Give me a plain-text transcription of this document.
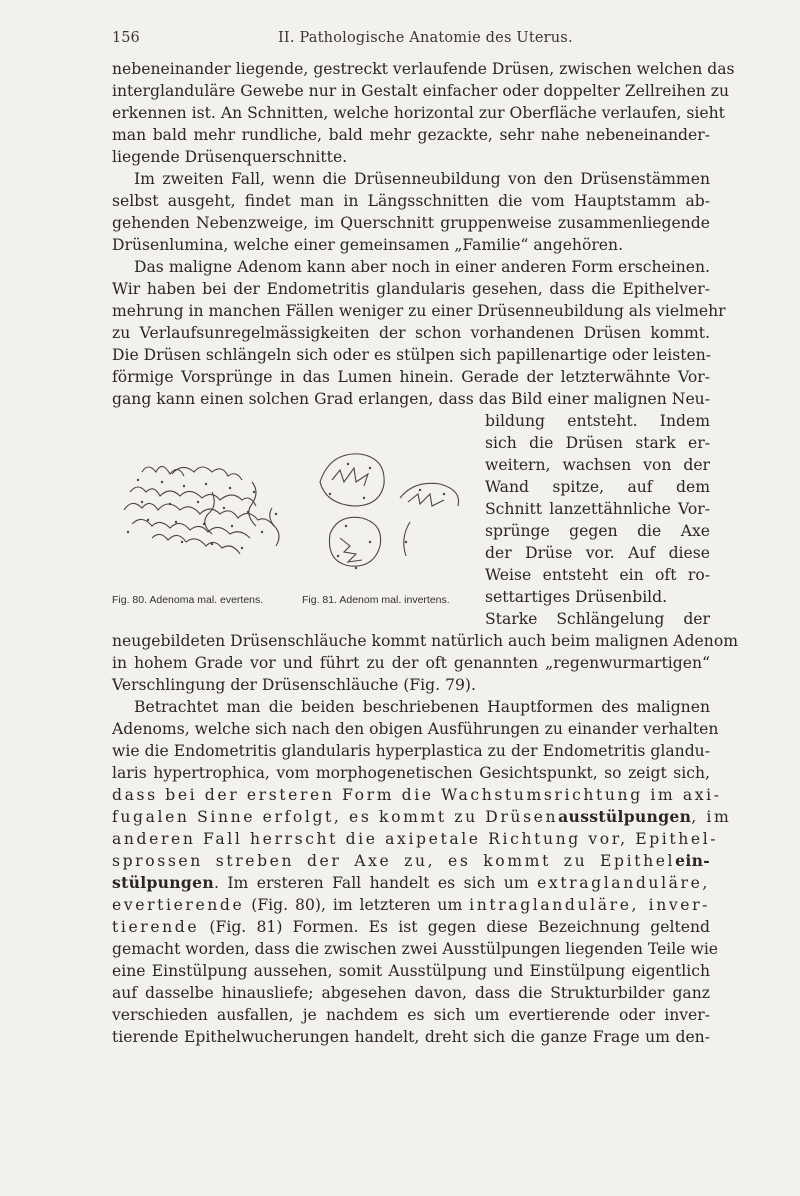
156	II. Pathologische Anatomie des Uterus.
nebeneinander liegende, gestreckt verlaufende Drüsen, zwischen welchen das
interglanduläre Gewebe nur in Gestalt einfacher oder doppelter Zellreihen zu
erkennen ist. An Schnitten, welche horizontal zur Oberfläche verlaufen, sieht
man bald mehr rundliche, bald mehr gezackte, sehr nahe nebeneinander-
liegende Drüsenquerschnitte.
Im zweiten Fall, wenn die Drüsenneubildung von den Drüsenstämmen
selbst ausgeht, findet man in Längsschnitten die vom Hauptstamm ab-
gehenden Nebenzweige, im Querschnitt gruppenweise zusammenliegende
Drüsenlumina, welche einer gemeinsamen „Familie“ angehören.
Das maligne Adenom kann aber noch in einer anderen Form erscheinen.
Wir haben bei der Endometritis glandularis gesehen, dass die Epithelver-
mehrung in manchen Fällen weniger zu einer Drüsenneubildung als vielmehr
zu Verlaufsunregelmässigkeiten der schon vorhandenen Drüsen kommt.
Die Drüsen schlängeln sich oder es stülpen sich papillenartige oder leisten-
förmige Vorsprünge in das Lumen hinein. Gerade der letzterwähnte Vor-
gang kann einen solchen Grad erlangen, dass das Bild einer malignen Neu-
bildung entsteht. Indem
sich die Drüsen stark er-
weitern, wachsen von der
Wand spitze, auf dem
Schnitt lanzettähnliche Vor-
sprünge gegen die Axe
der Drüse vor. Auf diese
Weise entsteht ein oft ro-
settartiges Drüsenbild.
Starke Schlängelung der
Fig. 80. Adenoma mal. evertens.	Fig. 81. Adenom mal. invertens.
neugebildeten Drüsenschläuche kommt natürlich auch beim malignen Adenom
in hohem Grade vor und führt zu der oft genannten „regenwurmartigen“
Verschlingung der Drüsenschläuche (Fig. 79).
Betrachtet man die beiden beschriebenen Hauptformen des malignen
Adenoms, welche sich nach den obigen Ausführungen zu einander verhalten
wie die Endometritis glandularis hyperplastica zu der Endometritis glandu-
laris hypertrophica, vom morphogenetischen Gesichtspunkt, so zeigt sich,
dass bei der ersteren Form die Wachstumsrichtung im axi-
fugalen Sinne erfolgt, es kommt zu Drüsenausstülpungen, im
anderen Fall herrscht die axipetale Richtung vor, Epithel-
sprossen streben der Axe zu, es kommt zu Epithelein-
stülpungen. Im ersteren Fall handelt es sich um extraglanduläre,
evertierende (Fig. 80), im letzteren um intraglanduläre, inver-
tierende (Fig. 81) Formen. Es ist gegen diese Bezeichnung geltend
gemacht worden, dass die zwischen zwei Ausstülpungen liegenden Teile wie
eine Einstülpung aussehen, somit Ausstülpung und Einstülpung eigentlich
auf dasselbe hinausliefe; abgesehen davon, dass die Strukturbilder ganz
verschieden ausfallen, je nachdem es sich um evertierende oder inver-
tierende Epithelwucherungen handelt, dreht sich die ganze Frage um den-
